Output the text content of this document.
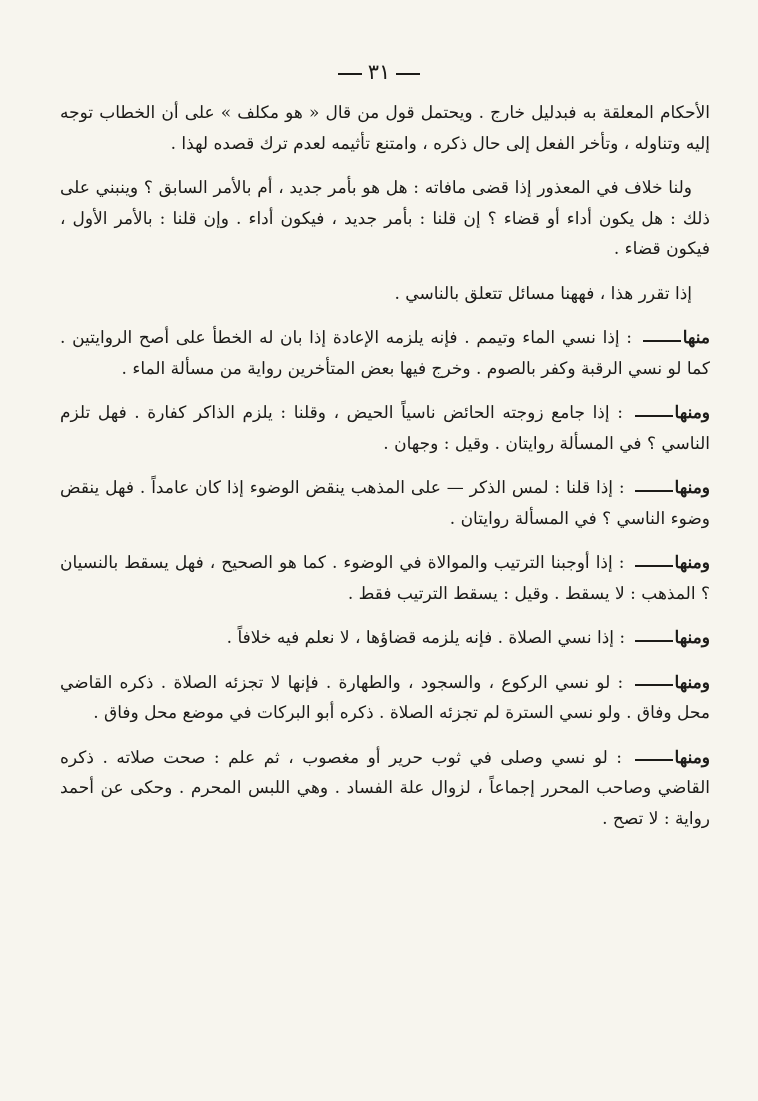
٣١

الأحكام المعلقة به فبدليل خارج . ويحتمل قول من قال « هو مكلف » على أن الخطاب توجه إليه وتناوله ، وتأخر الفعل إلى حال ذكره ، وامتنع تأثيمه لعدم ترك قصده لهذا .

ولنا خلاف في المعذور إذا قضى مافاته : هل هو بأمر جديد ، أم بالأمر السابق ؟ وينبني على ذلك : هل يكون أداء أو قضاء ؟ إن قلنا : بأمر جديد ، فيكون أداء . وإن قلنا : بالأمر الأول ، فيكون قضاء .

إذا تقرر هذا ، فههنا مسائل تتعلق بالناسي .

منها : إذا نسي الماء وتيمم . فإنه يلزمه الإعادة إذا بان له الخطأ على أصح الروايتين . كما لو نسي الرقبة وكفر بالصوم . وخرج فيها بعض المتأخرين رواية من مسألة الماء .

ومنها : إذا جامع زوجته الحائض ناسياً الحيض ، وقلنا : يلزم الذاكر كفارة . فهل تلزم الناسي ؟ في المسألة روايتان . وقيل : وجهان .

ومنها : إذا قلنا : لمس الذكر — على المذهب ينقض الوضوء إذا كان عامداً . فهل ينقض وضوء الناسي ؟ في المسألة روايتان .

ومنها : إذا أوجبنا الترتيب والموالاة في الوضوء . كما هو الصحيح ، فهل يسقط بالنسيان ؟ المذهب : لا يسقط . وقيل : يسقط الترتيب فقط .

ومنها : إذا نسي الصلاة . فإنه يلزمه قضاؤها ، لا نعلم فيه خلافاً .

ومنها : لو نسي الركوع ، والسجود ، والطهارة . فإنها لا تجزئه الصلاة . ذكره القاضي محل وفاق . ولو نسي السترة لم تجزئه الصلاة . ذكره أبو البركات في موضع محل وفاق .

ومنها : لو نسي وصلى في ثوب حرير أو مغصوب ، ثم علم : صحت صلاته . ذكره القاضي وصاحب المحرر إجماعاً ، لزوال علة الفساد . وهي اللبس المحرم . وحكى عن أحمد رواية : لا تصح .
